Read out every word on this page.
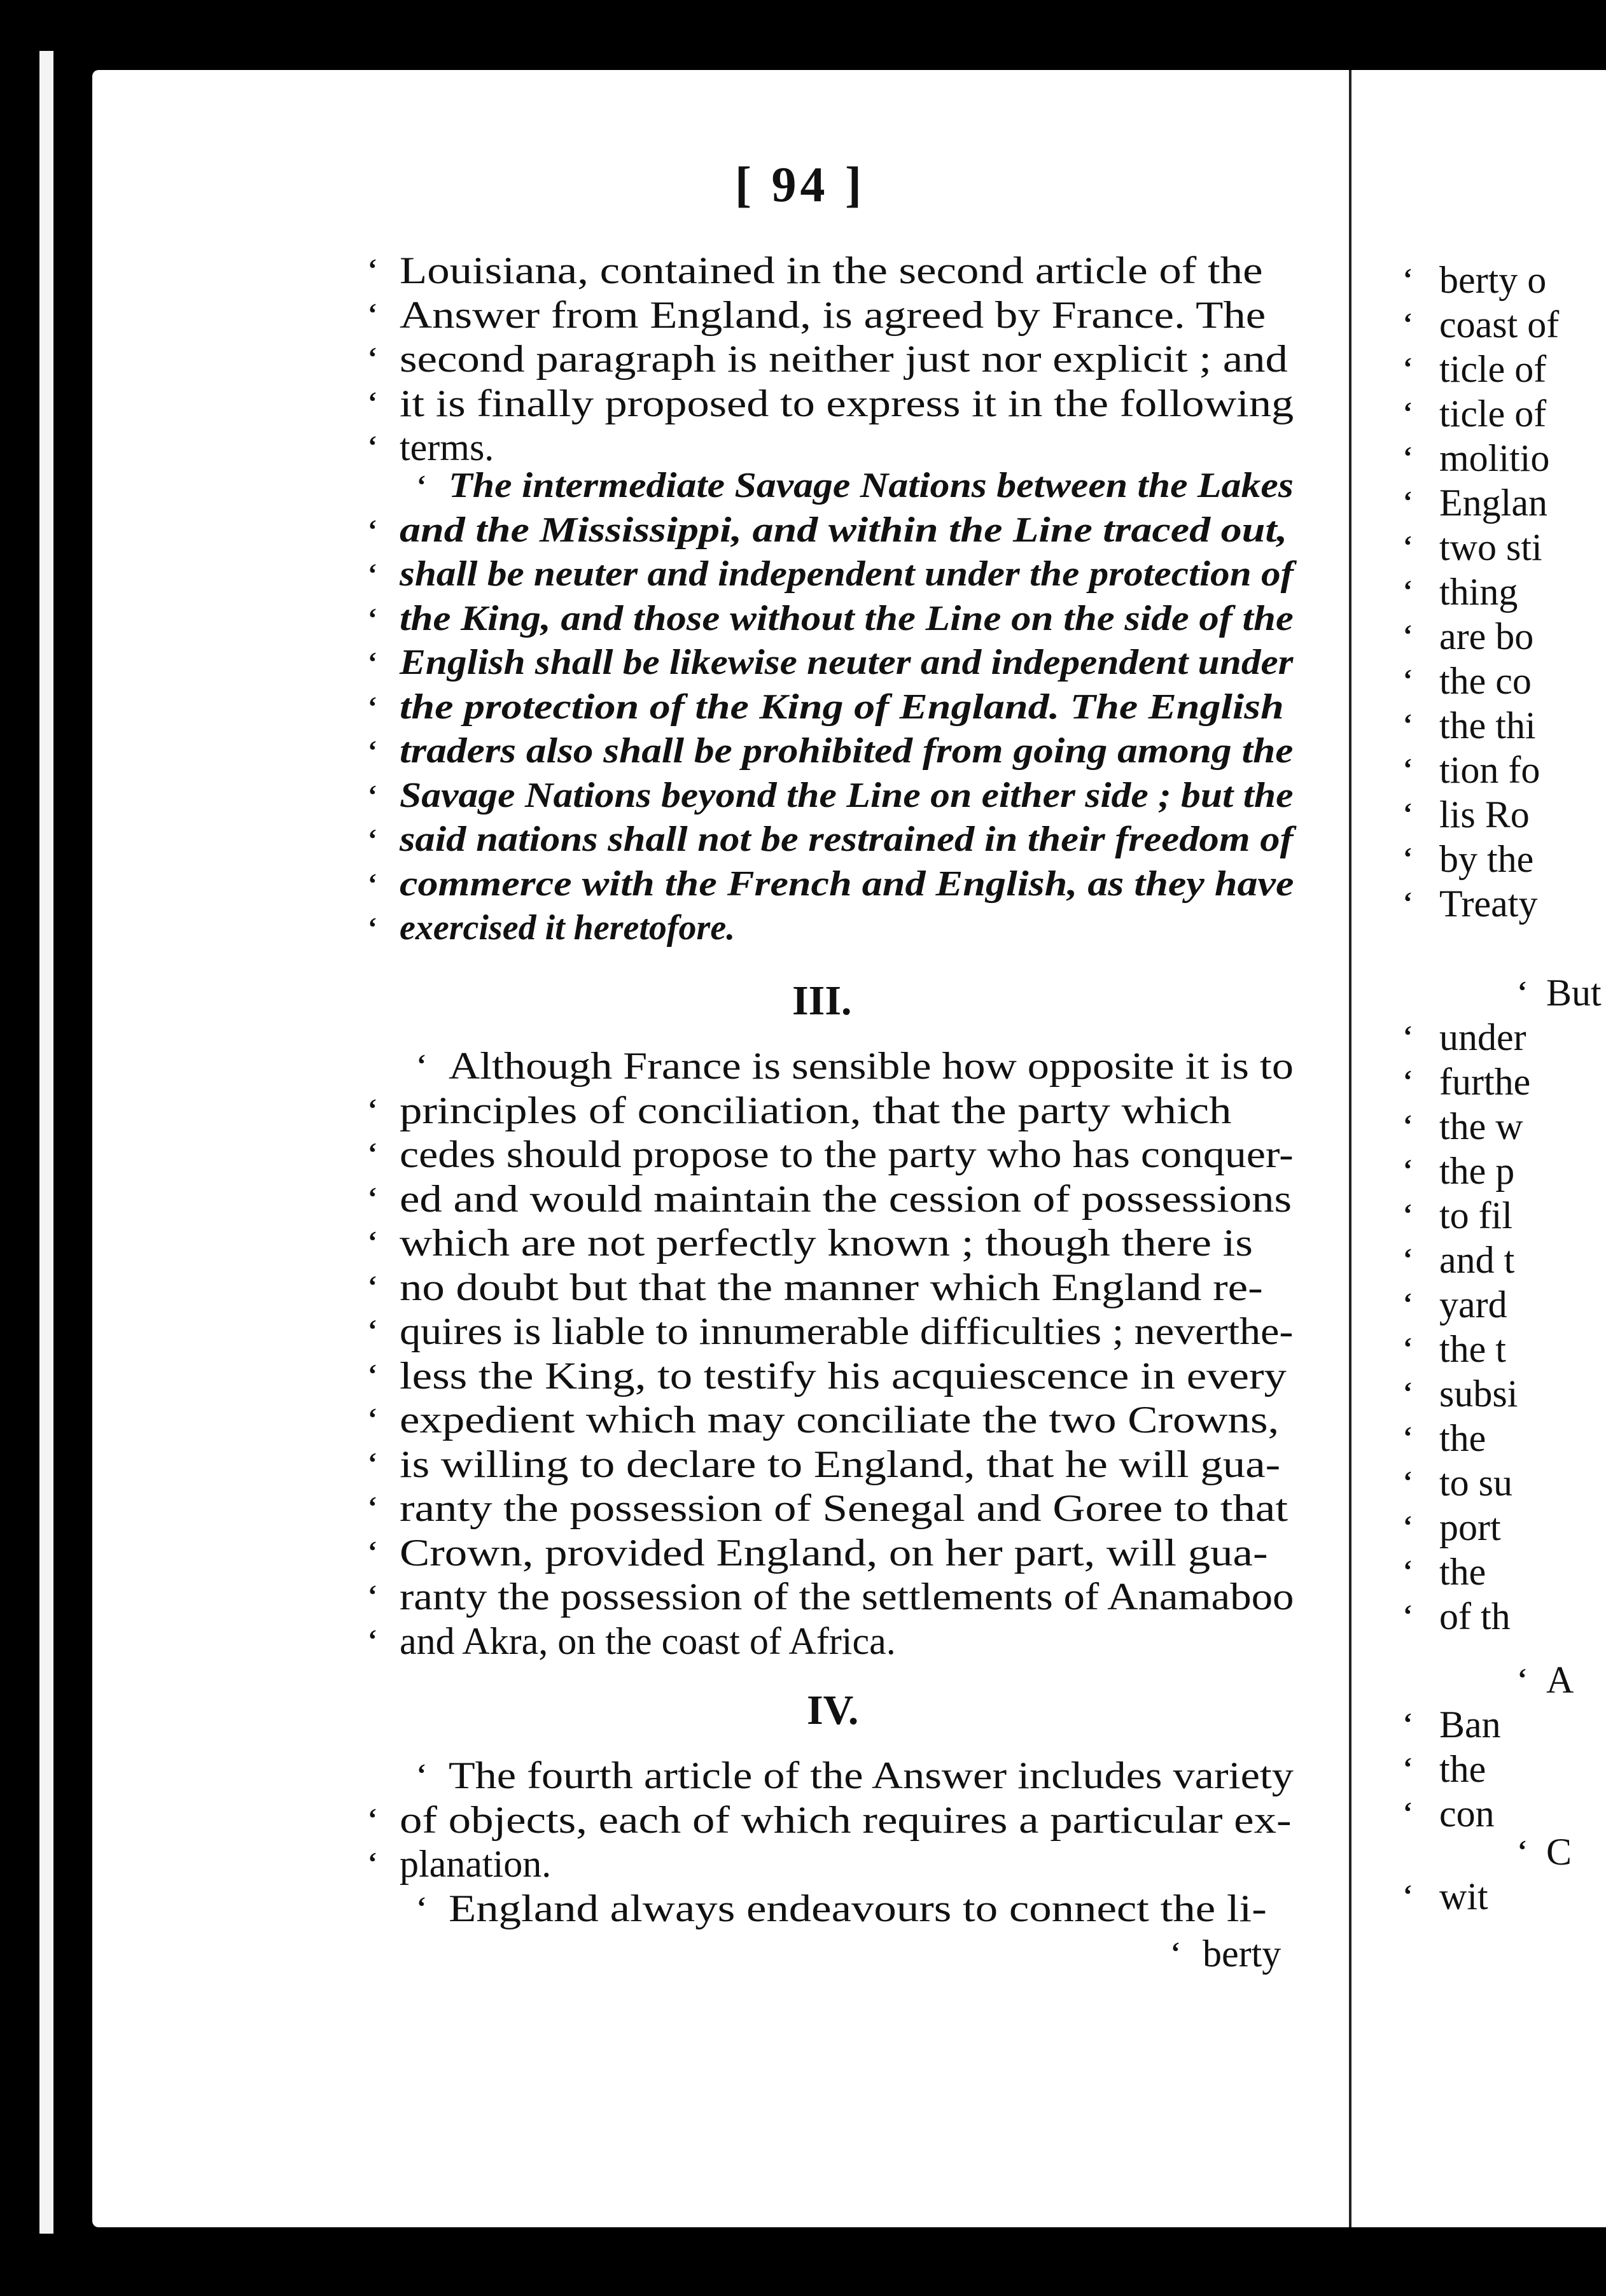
[ 94 ]
‘ Louisiana, contained in the second article of the
‘ Answer from England, is agreed by France. The
‘ second paragraph is neither just nor explicit ; and
‘ it is finally proposed to express it in the following
‘ terms.
‘ The intermediate Savage Nations between the Lakes
‘ and the Mississippi, and within the Line traced out,
‘ shall be neuter and independent under the protection of
‘ the King, and those without the Line on the side of the
‘ English shall be likewise neuter and independent under
‘ the protection of the King of England. The English
‘ traders also shall be prohibited from going among the
‘ Savage Nations beyond the Line on either side ; but the
‘ said nations shall not be restrained in their freedom of
‘ commerce with the French and English, as they have
‘ exercised it heretofore.
III.
‘ Although France is sensible how opposite it is to
‘ principles of conciliation, that the party which
‘ cedes should propose to the party who has conquer-
‘ ed and would maintain the cession of possessions
‘ which are not perfectly known ; though there is
‘ no doubt but that the manner which England re-
‘ quires is liable to innumerable difficulties ; neverthe-
‘ less the King, to testify his acquiescence in every
‘ expedient which may conciliate the two Crowns,
‘ is willing to declare to England, that he will gua-
‘ ranty the possession of Senegal and Goree to that
‘ Crown, provided England, on her part, will gua-
‘ ranty the possession of the settlements of Anamaboo
‘ and Akra, on the coast of Africa.
IV.
‘ The fourth article of the Answer includes variety
‘ of objects, each of which requires a particular ex-
‘ planation.
‘ England always endeavours to connect the li-
‘ berty
‘ berty o
‘ coast of
‘ ticle of
‘ ticle of
‘ molitio
‘ Englan
‘ two sti
‘ thing
‘ are bo
‘ the co
‘ the thi
‘ tion fo
‘ lis Ro
‘ by the
‘ Treaty
‘ But
‘ under
‘ furthe
‘ the w
‘ the p
‘ to fil
‘ and t
‘ yard
‘ the t
‘ subsi
‘ the
‘ to su
‘ port
‘ the
‘ of th
‘ A
‘ Ban
‘ the
‘ con
‘ C
‘ wit
